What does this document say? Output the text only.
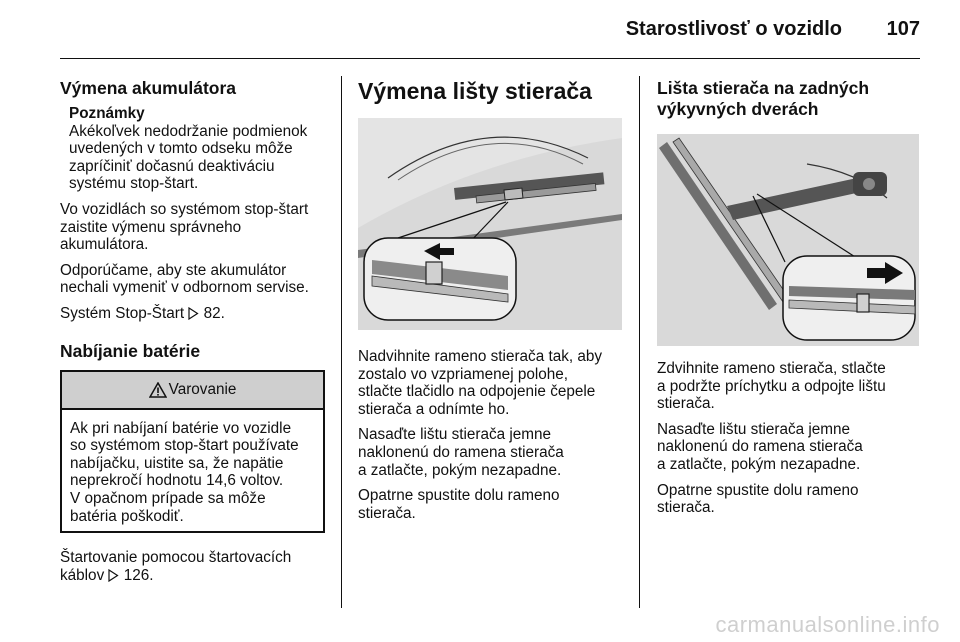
Starostlivosť o vozidlo 107
Výmena akumulátora
Poznámky

Akékoľvek nedodržanie podmienok
uvedených v tomto odseku môže
zapríčiniť dočasnú deaktiváciu
systému stop-štart.

Vo vozidlách so systémom stop-štart
zaistite výmenu správneho
akumulátora.

Odporúčame, aby ste akumulátor
nechali vymeniť v odbornom servise.

Systém Stop-Štart 82.

Nabíjanie batérie
Varovanie

Ak pri nabíjaní batérie vo vozidle
so systémom stop-štart používate
nabíjačku, uistite sa, že napätie
neprekročí hodnotu 14,6 voltov.
V opačnom prípade sa môže
batéria poškodiť.

Štartovanie pomocou štartovacích
káblov 126.

Výmena lišty stierača

Nadvihnite rameno stierača tak, aby
zostalo vo vzpriamenej polohe,
stlačte tlačidlo na odpojenie čepele
stierača a odnímte ho.

Nasaďte lištu stierača jemne
naklonenú do ramena stierača
a zatlačte, pokým nezapadne.

Opatrne spustite dolu rameno
stierača.

Lišta stierača na zadných
výkyvných dverách

Zdvihnite rameno stierača, stlačte
a podržte príchytku a odpojte lištu
stierača.

Nasaďte lištu stierača jemne
naklonenú do ramena stierača
a zatlačte, pokým nezapadne.

Opatrne spustite dolu rameno
stierača.

carmanualsonline.info
